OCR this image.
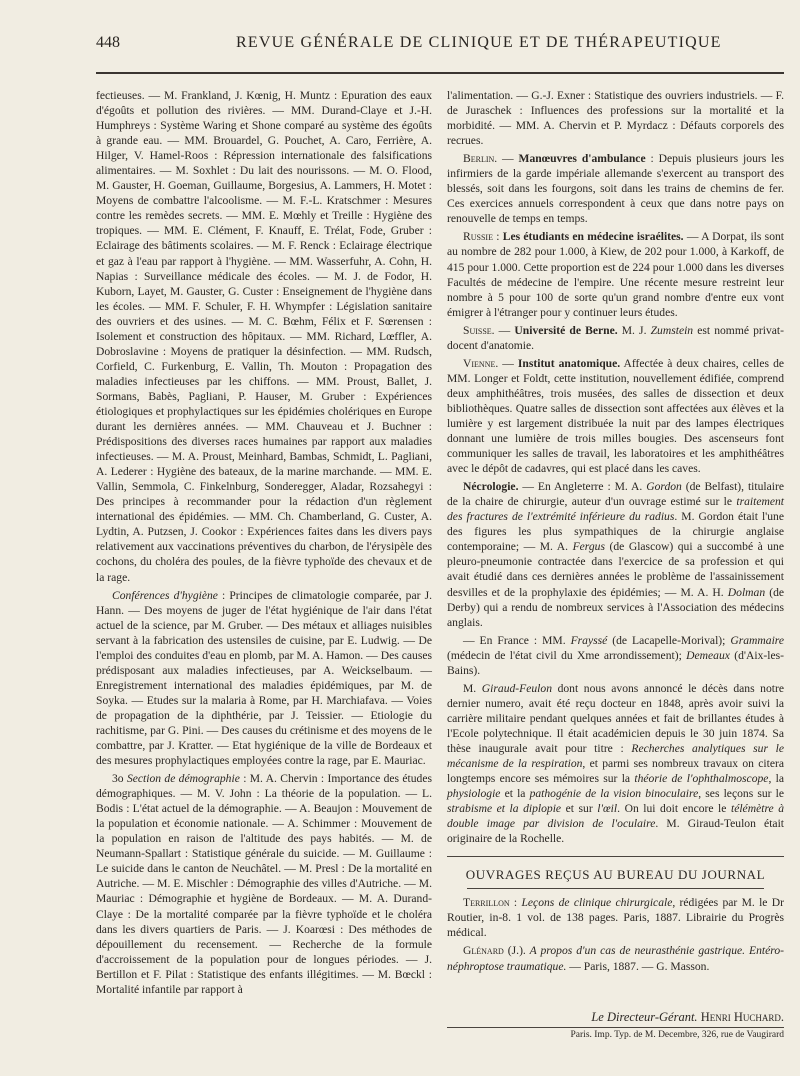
448	REVUE GÉNÉRALE DE CLINIQUE ET DE THÉRAPEUTIQUE

fectieuses. — M. Frankland, J. Kœnig, H. Muntz : Epuration des eaux d'égoûts et pollution des rivières. — MM. Durand-Claye et J.-H. Humphreys : Système Waring et Shone comparé au système des égoûts à grande eau. — MM. Brouardel, G. Pouchet, A. Caro, Ferrière, A. Hilger, V. Hamel-Roos : Répression internationale des falsifications alimentaires. — M. Soxhlet : Du lait des nourissons. — M. O. Flood, M. Gauster, H. Goeman, Guillaume, Borgesius, A. Lammers, H. Motet : Moyens de combattre l'alcoolisme. — M. F.-L. Kratschmer : Mesures contre les remèdes secrets. — MM. E. Mœhly et Treille : Hygiène des tropiques. — MM. E. Clément, F. Knauff, E. Trélat, Fode, Gruber : Eclairage des bâtiments scolaires. — M. F. Renck : Eclairage électrique et gaz à l'eau par rapport à l'hygiène. — MM. Wasserfuhr, A. Cohn, H. Napias : Surveillance médicale des écoles. — M. J. de Fodor, H. Kuborn, Layet, M. Gauster, G. Custer : Enseignement de l'hygiène dans les écoles. — MM. F. Schuler, F. H. Whympfer : Législation sanitaire des ouvriers et des usines. — M. C. Bœhm, Félix et F. Sœrensen : Isolement et construction des hôpitaux. — MM. Richard, Lœffler, A. Dobroslavine : Moyens de pratiquer la désinfection. — MM. Rudsch, Corfield, C. Furkenburg, E. Vallin, Th. Mouton : Propagation des maladies infectieuses par les chiffons. — MM. Proust, Ballet, J. Sormans, Babès, Pagliani, P. Hauser, M. Gruber : Expériences étiologiques et prophylactiques sur les épidémies cholériques en Europe durant les dernières années. — MM. Chauveau et J. Buchner : Prédispositions des diverses races humaines par rapport aux maladies infectieuses. — M. A. Proust, Meinhard, Bambas, Schmidt, L. Pagliani, A. Lederer : Hygiène des bateaux, de la marine marchande. — MM. E. Vallin, Semmola, C. Finkelnburg, Sonderegger, Aladar, Rozsahegyi : Des principes à recommander pour la rédaction d'un règlement international des épidémies. — MM. Ch. Chamberland, G. Custer, A. Lydtin, A. Putzsen, J. Cookor : Expériences faites dans les divers pays relativement aux vaccinations préventives du charbon, de l'érysipèle des cochons, du choléra des poules, de la fièvre typhoïde des chevaux et de la rage.

Conférences d'hygiène : Principes de climatologie comparée, par J. Hann. — Des moyens de juger de l'état hygiénique de l'air dans l'état actuel de la science, par M. Gruber. — Des métaux et alliages nuisibles servant à la fabrication des ustensiles de cuisine, par E. Ludwig. — De l'emploi des conduites d'eau en plomb, par M. A. Hamon. — Des causes prédisposant aux maladies infectieuses, par A. Weickselbaum. — Enregistrement international des maladies épidémiques, par M. de Soyka. — Etudes sur la malaria à Rome, par H. Marchiafava. — Voies de propagation de la diphthérie, par J. Teissier. — Etiologie du rachitisme, par G. Pini. — Des causes du crétinisme et des moyens de le combattre, par J. Kratter. — Etat hygiénique de la ville de Bordeaux et des mesures prophylactiques employées contre la rage, par E. Mauriac.

3o Section de démographie : M. A. Chervin : Importance des études démographiques. — M. V. John : La théorie de la population. — L. Bodis : L'état actuel de la démographie. — A. Beaujon : Mouvement de la population et économie nationale. — A. Schimmer : Mouvement de la population en raison de l'altitude des pays habités. — M. de Neumann-Spallart : Statistique générale du suicide. — M. Guillaume : Le suicide dans le canton de Neuchâtel. — M. Presl : De la mortalité en Autriche. — M. E. Mischler : Démographie des villes d'Autriche. — M. Mauriac : Démographie et hygiène de Bordeaux. — M. A. Durand-Claye : De la mortalité comparée par la fièvre typhoïde et le choléra dans les divers quartiers de Paris. — J. Koarœsi : Des méthodes de dépouillement du recensement. — Recherche de la formule d'accroissement de la population pour de longues périodes. — J. Bertillon et F. Pilat : Statistique des enfants illégitimes. — M. Bœckl : Mortalité infantile par rapport à

l'alimentation. — G.-J. Exner : Statistique des ouvriers industriels. — F. de Juraschek : Influences des professions sur la mortalité et la morbidité. — MM. A. Chervin et P. Myrdacz : Défauts corporels des recrues.

Berlin. — Manœuvres d'ambulance : Depuis plusieurs jours les infirmiers de la garde impériale allemande s'exercent au transport des blessés, soit dans les fourgons, soit dans les trains de chemins de fer. Ces exercices annuels correspondent à ceux que dans notre pays on renouvelle de temps en temps.

Russie : Les étudiants en médecine israélites. — A Dorpat, ils sont au nombre de 282 pour 1.000, à Kiew, de 202 pour 1.000, à Karkoff, de 415 pour 1.000. Cette proportion est de 224 pour 1.000 dans les diverses Facultés de médecine de l'empire. Une récente mesure restreint leur nombre à 5 pour 100 de sorte qu'un grand nombre d'entre eux vont émigrer à l'étranger pour y continuer leurs études.

Suisse. — Université de Berne. M. J. Zumstein est nommé privat-docent d'anatomie.

Vienne. — Institut anatomique. Affectée à deux chaires, celles de MM. Longer et Foldt, cette institution, nouvellement édifiée, comprend deux amphithéâtres, trois musées, des salles de dissection et deux bibliothèques. Quatre salles de dissection sont affectées aux élèves et la lumière y est largement distribuée la nuit par des lampes électriques donnant une lumière de trois milles bougies. Des ascenseurs font communiquer les salles de travail, les laboratoires et les amphithéâtres avec le dépôt de cadavres, qui est placé dans les caves.

Nécrologie. — En Angleterre : M. A. Gordon (de Belfast), titulaire de la chaire de chirurgie, auteur d'un ouvrage estimé sur le traitement des fractures de l'extrémité inférieure du radius. M. Gordon était l'une des figures les plus sympathiques de la chirurgie anglaise contemporaine; — M. A. Fergus (de Glascow) qui a succombé à une pleuro-pneumonie contractée dans l'exercice de sa profession et qui avait étudié dans ces dernières années le problème de l'assainissement desvilles et de la prophylaxie des épidémies; — M. A. H. Dolman (de Derby) qui a rendu de nombreux services à l'Association des médecins anglais.

— En France : MM. Frayssé (de Lacapelle-Morival); Grammaire (médecin de l'état civil du Xme arrondissement); Demeaux (d'Aix-les-Bains).

M. Giraud-Feulon dont nous avons annoncé le décès dans notre dernier numero, avait été reçu docteur en 1848, après avoir suivi la carrière militaire pendant quelques années et fait de brillantes études à l'Ecole polytechnique. Il était académicien depuis le 30 juin 1874. Sa thèse inaugurale avait pour titre : Recherches analytiques sur le mécanisme de la respiration, et parmi ses nombreux travaux on citera longtemps encore ses mémoires sur la théorie de l'ophthalmoscope, la physiologie et la pathogénie de la vision binoculaire, ses leçons sur le strabisme et la diplopie et sur l'œil. On lui doit encore le télémètre à double image par division de l'oculaire. M. Giraud-Teulon était originaire de la Rochelle.

OUVRAGES REÇUS AU BUREAU DU JOURNAL

Terrillon : Leçons de clinique chirurgicale, rédigées par M. le Dr Routier, in-8. 1 vol. de 138 pages. Paris, 1887. Librairie du Progrès médical.

Glénard (J.). A propos d'un cas de neurasthénie gastrique. Entéro-néphroptose traumatique. — Paris, 1887. — G. Masson.

Le Directeur-Gérant. Henri Huchard.
Paris. Imp. Typ. de M. Decembre, 326, rue de Vaugirard
